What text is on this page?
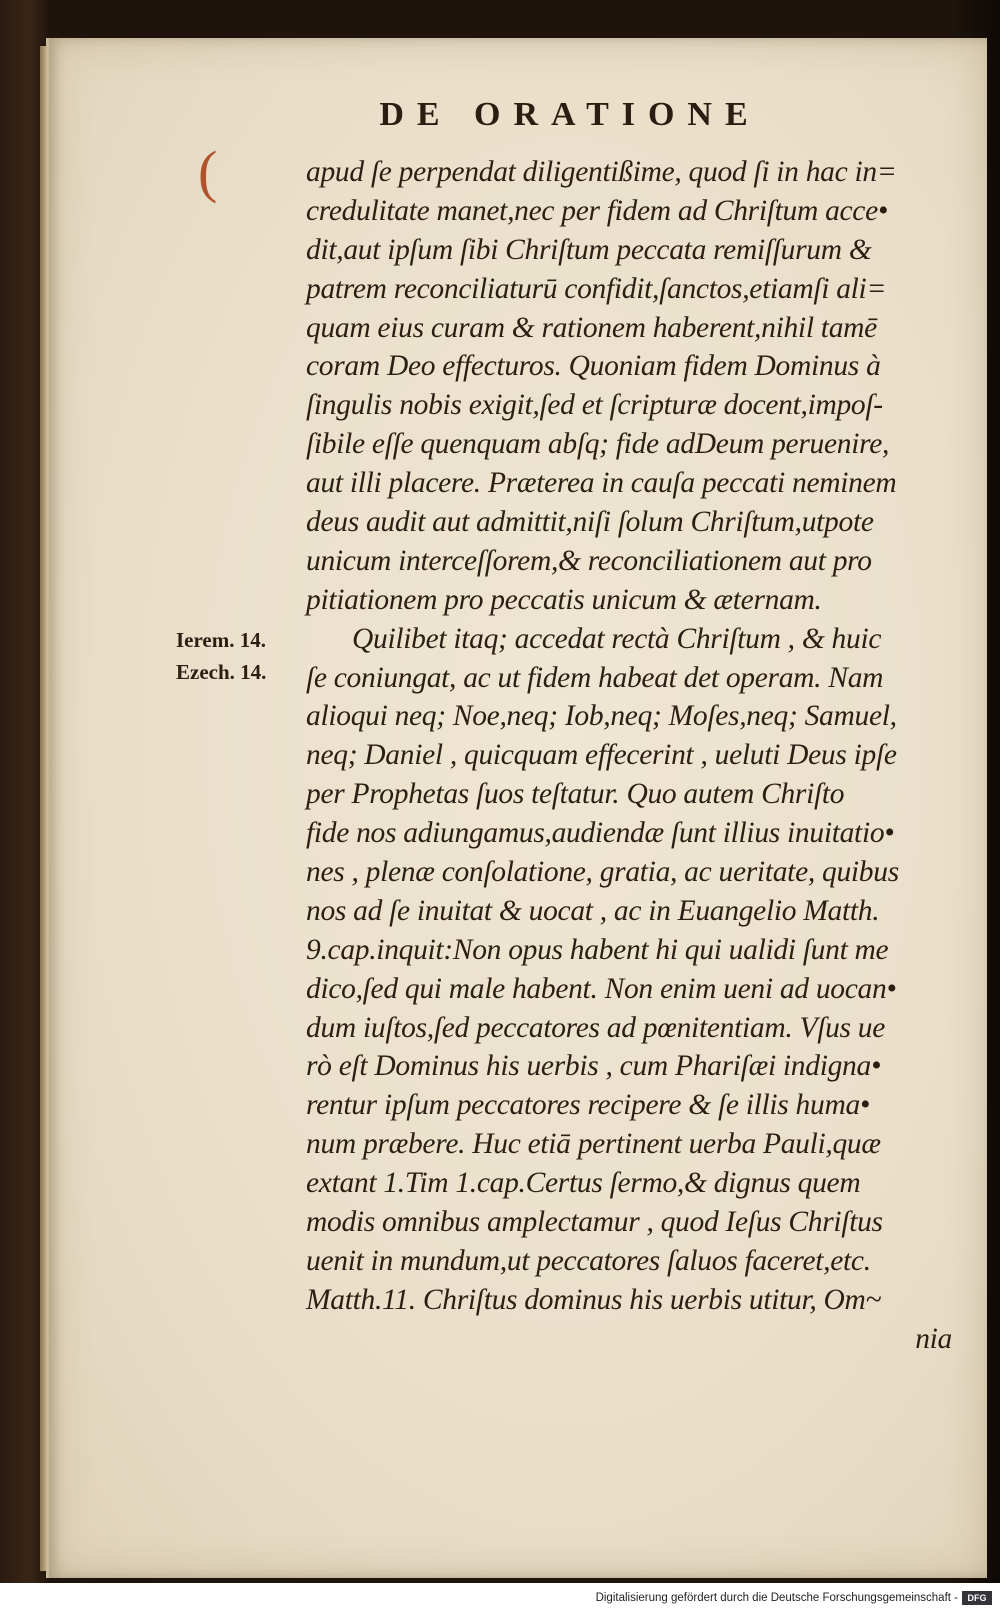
DE ORATIONE
(
Ierem. 14.
Ezech. 14.
apud ſe perpendat diligentißime, quod ſi in hac in=
credulitate manet,nec per fidem ad Chriſtum acce•
dit,aut ipſum ſibi Chriſtum peccata remiſſurum &
patrem reconciliaturū confidit,ſanctos,etiamſi ali=
quam eius curam & rationem haberent,nihil tamē
coram Deo effecturos. Quoniam fidem Dominus à
ſingulis nobis exigit,ſed et ſcripturæ docent,impoſ-
ſibile eſſe quenquam abſq; fide adDeum peruenire,
aut illi placere. Præterea in cauſa peccati neminem
deus audit aut admittit,niſi ſolum Chriſtum,utpote
unicum interceſſorem,& reconciliationem aut pro
pitiationem pro peccatis unicum & æternam.
Quilibet itaq; accedat rectà Chriſtum , & huic
ſe coniungat, ac ut fidem habeat det operam. Nam
alioqui neq; Noe,neq; Iob,neq; Moſes,neq; Samuel,
neq; Daniel , quicquam effecerint , ueluti Deus ipſe
per Prophetas ſuos teſtatur. Quo autem Chriſto
fide nos adiungamus,audiendæ ſunt illius inuitatio•
nes , plenæ conſolatione, gratia, ac ueritate, quibus
nos ad ſe inuitat & uocat , ac in Euangelio Matth.
9.cap.inquit:Non opus habent hi qui ualidi ſunt me
dico,ſed qui male habent. Non enim ueni ad uocan•
dum iuſtos,ſed peccatores ad pœnitentiam. Vſus ue
rò eſt Dominus his uerbis , cum Phariſæi indigna•
rentur ipſum peccatores recipere & ſe illis huma•
num præbere. Huc etiā pertinent uerba Pauli,quæ
extant 1.Tim 1.cap.Certus ſermo,& dignus quem
modis omnibus amplectamur , quod Ieſus Chriſtus
uenit in mundum,ut peccatores ſaluos faceret,etc.
Matth.11. Chriſtus dominus his uerbis utitur, Om~
nia
Digitalisierung gefördert durch die Deutsche Forschungsgemeinschaft -	DFG
